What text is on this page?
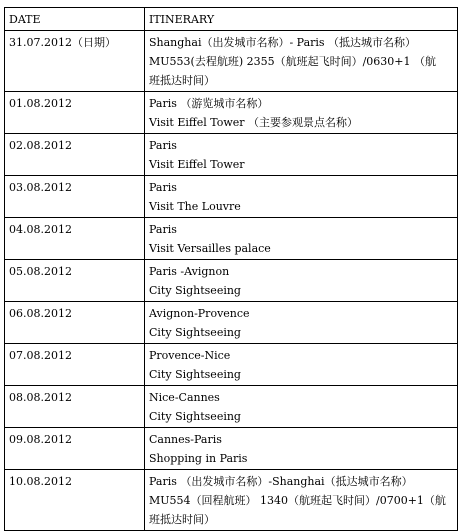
DATE	ITINERARY
31.07.2012（日期）	Shanghai（出发城市名称）- Paris （抵达城市名称）
MU553(去程航班) 2355（航班起飞时间）/0630+1 （航
班抵达时间）

01.08.2012	Paris （游览城市名称）
Visit Eiffel Tower （主要参观景点名称）

02.08.2012	Paris
Visit Eiffel Tower

03.08.2012	Paris
Visit The Louvre

04.08.2012	Paris
Visit Versailles palace

05.08.2012	Paris -Avignon
City Sightseeing

06.08.2012	Avignon-Provence
City Sightseeing

07.08.2012	Provence-Nice
City Sightseeing

08.08.2012	Nice-Cannes
City Sightseeing

09.08.2012	Cannes-Paris
Shopping in Paris

10.08.2012	Paris （出发城市名称）-Shanghai（抵达城市名称）
MU554（回程航班） 1340（航班起飞时间）/0700+1（航
班抵达时间）
